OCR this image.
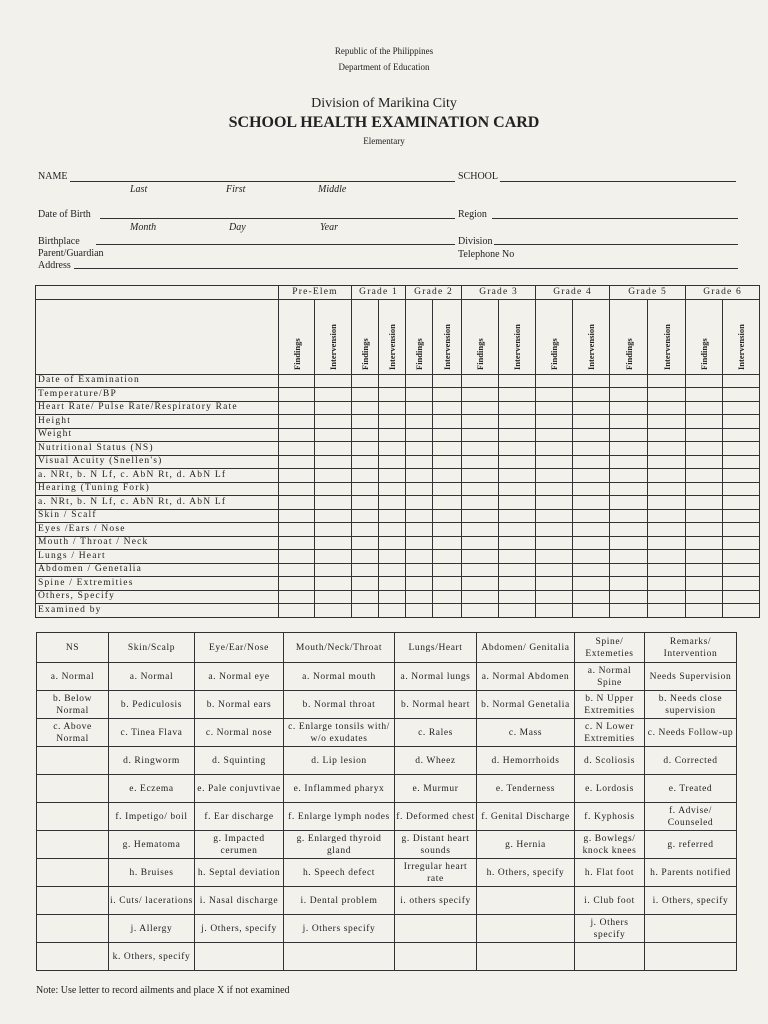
Republic of the Philippines
Department of Education
Division of Marikina City
SCHOOL HEALTH EXAMINATION CARD
Elementary
NAME	SCHOOL
Last	First	Middle
Date of Birth	Region
Month	Day	Year
Birthplace	Division
Parent/Guardian	Telephone No
Address
	Pre-Elem		Grade 1		Grade 2		Grade 3		Grade 4		Grade 5		Grade 6	

	Findings	Intervension	Findings	Intervension	Findings	Intervension	Findings	Intervension	Findings	Intervension	Findings	Intervension	Findings	Intervension

Date of Examination														
Temperature/BP														
Heart Rate/ Pulse Rate/Respiratory Rate														
Height														
Weight														
Nutritional Status (NS)														
Visual Acuity (Snellen's)														
a. NRt, b. N Lf, c. AbN Rt, d. AbN Lf														
Hearing (Tuning Fork)														
a. NRt, b. N Lf, c. AbN Rt, d. AbN Lf														
Skin / Scalf														
Eyes /Ears / Nose														
Mouth / Throat / Neck														
Lungs / Heart														
Abdomen / Genetalia														
Spine / Extremities														
Others, Specify														
Examined by														
NS	Skin/Scalp	Eye/Ear/Nose	Mouth/Neck/Throat	Lungs/Heart	Abdomen/ Genitalia	Spine/ Extemeties	Remarks/ Intervention
a. Normal	a. Normal	a. Normal eye	a. Normal mouth	a. Normal lungs	a. Normal Abdomen	a. Normal Spine	Needs Supervision
b. Below Normal	b. Pediculosis	b. Normal ears	b. Normal throat	b. Normal heart	b. Normal Genetalia	b. N Upper Extremities	b. Needs close supervision
c. Above Normal	c. Tinea Flava	c. Normal nose	c. Enlarge tonsils with/ w/o exudates	c. Rales	c. Mass	c. N Lower Extremities	c. Needs Follow-up
	d. Ringworm	d. Squinting	d. Lip lesion	d. Wheez	d. Hemorrhoids	d. Scoliosis	d. Corrected
	e. Eczema	e. Pale conjuvtivae	e. Inflammed pharyx	e. Murmur	e. Tenderness	e. Lordosis	e. Treated
	f. Impetigo/ boil	f. Ear discharge	f. Enlarge lymph nodes	f. Deformed chest	f. Genital Discharge	f. Kyphosis	f. Advise/ Counseled
	g. Hematoma	g. Impacted cerumen	g. Enlarged thyroid gland	g. Distant heart sounds	g. Hernia	g. Bowlegs/ knock knees	g. referred
	h. Bruises	h. Septal deviation	h. Speech defect	Irregular heart rate	h. Others, specify	h. Flat foot	h. Parents notified
	i. Cuts/ lacerations	i. Nasal discharge	i. Dental problem	i. others specify		i. Club foot	i. Others, specify
	j. Allergy	j. Others, specify	j. Others specify			j. Others specify	
	k. Others, specify						
Note: Use letter to record ailments and place X if not examined
